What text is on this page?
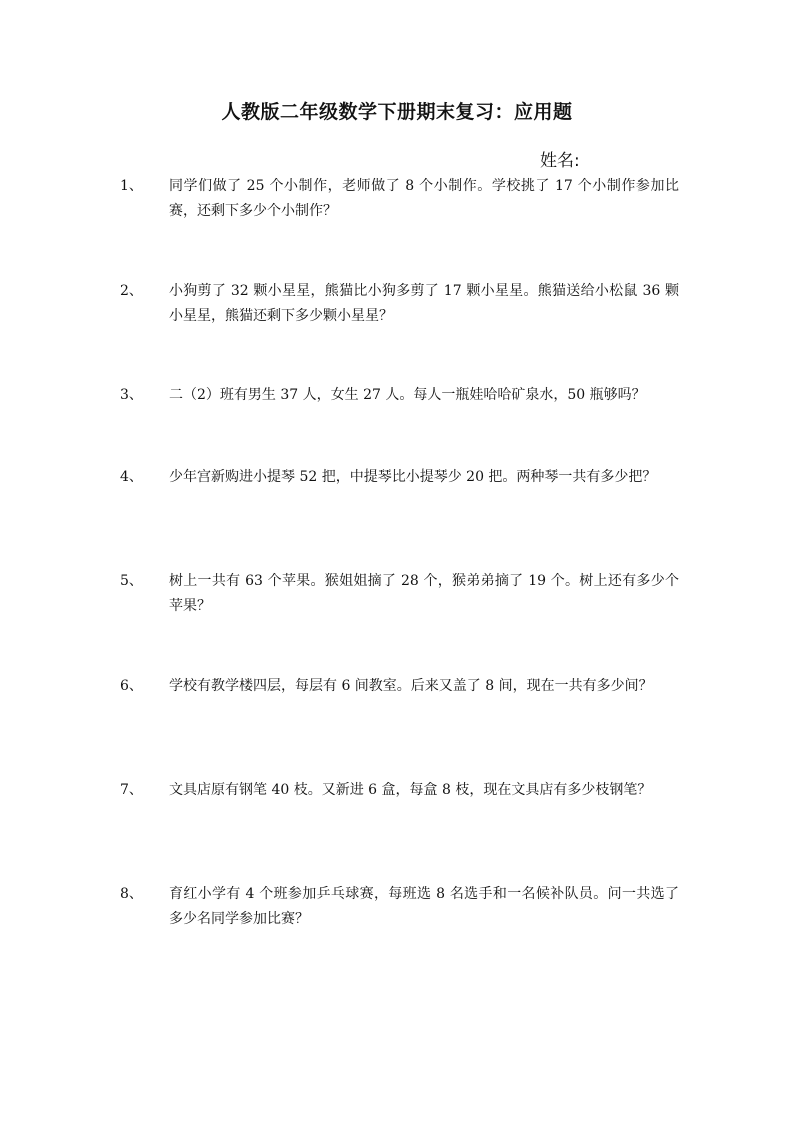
人教版二年级数学下册期末复习：应用题
姓名:
1、	同学们做了 25 个小制作，老师做了 8 个小制作。学校挑了 17 个小制作参加比赛，还剩下多少个小制作？
2、	小狗剪了 32 颗小星星，熊猫比小狗多剪了 17 颗小星星。熊猫送给小松鼠 36 颗小星星，熊猫还剩下多少颗小星星？
3、	二（2）班有男生 37 人，女生 27 人。每人一瓶娃哈哈矿泉水，50 瓶够吗？
4、	少年宫新购进小提琴 52 把，中提琴比小提琴少 20 把。两种琴一共有多少把？
5、	树上一共有 63 个苹果。猴姐姐摘了 28 个，猴弟弟摘了 19 个。树上还有多少个苹果？
6、	学校有教学楼四层，每层有 6 间教室。后来又盖了 8 间，现在一共有多少间？
7、	文具店原有钢笔 40 枝。又新进 6 盒，每盒 8 枝，现在文具店有多少枝钢笔？
8、	育红小学有 4 个班参加乒乓球赛，每班选 8 名选手和一名候补队员。问一共选了多少名同学参加比赛？
